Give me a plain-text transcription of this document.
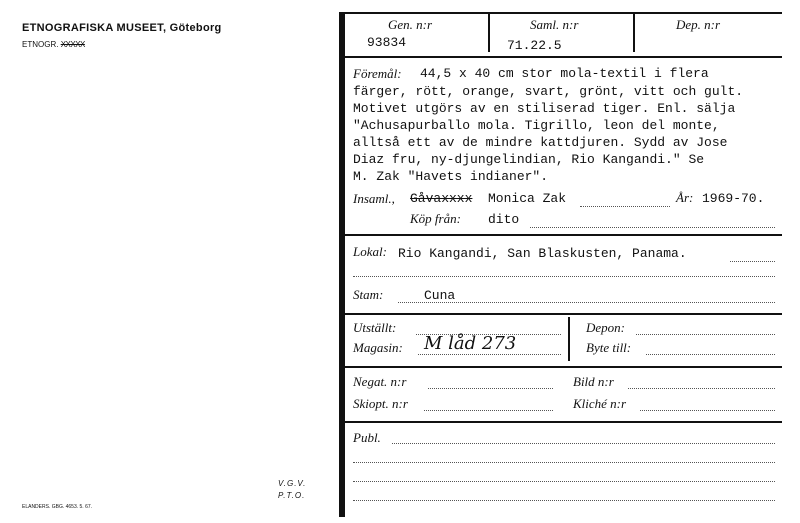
ETNOGRAFISKA MUSEET, Göteborg
ETNOGR. XXXXX
ELANDERS. GBG. 4653. 5. 67.
V.G.V.
P.T.O.
Gen. n:r
93834
Saml. n:r
71.22.5
Dep. n:r
Föremål: 44,5 x 40 cm stor mola-textil i flera
färger, rött, orange, svart, grönt, vitt och gult.
Motivet utgörs av en stiliserad tiger. Enl. sälja
"Achusapurballo mola. Tigrillo, leon del monte,
alltså ett av de mindre kattdjuren. Sydd av Jose
Diaz fru, ny-djungelindian, Rio Kangandi." Se
M. Zak "Havets indianer".
Insaml., Gåvaxxxx Monica Zak	År: 1969-70.
Köp från: dito
Lokal: Rio Kangandi, San Blaskusten, Panama.
Stam:	Cuna
Utställt:
Magasin: M låd 273
Depon:
Byte till:
Negat. n:r	Bild n:r
Skiopt. n:r	Kliché n:r
Publ.
